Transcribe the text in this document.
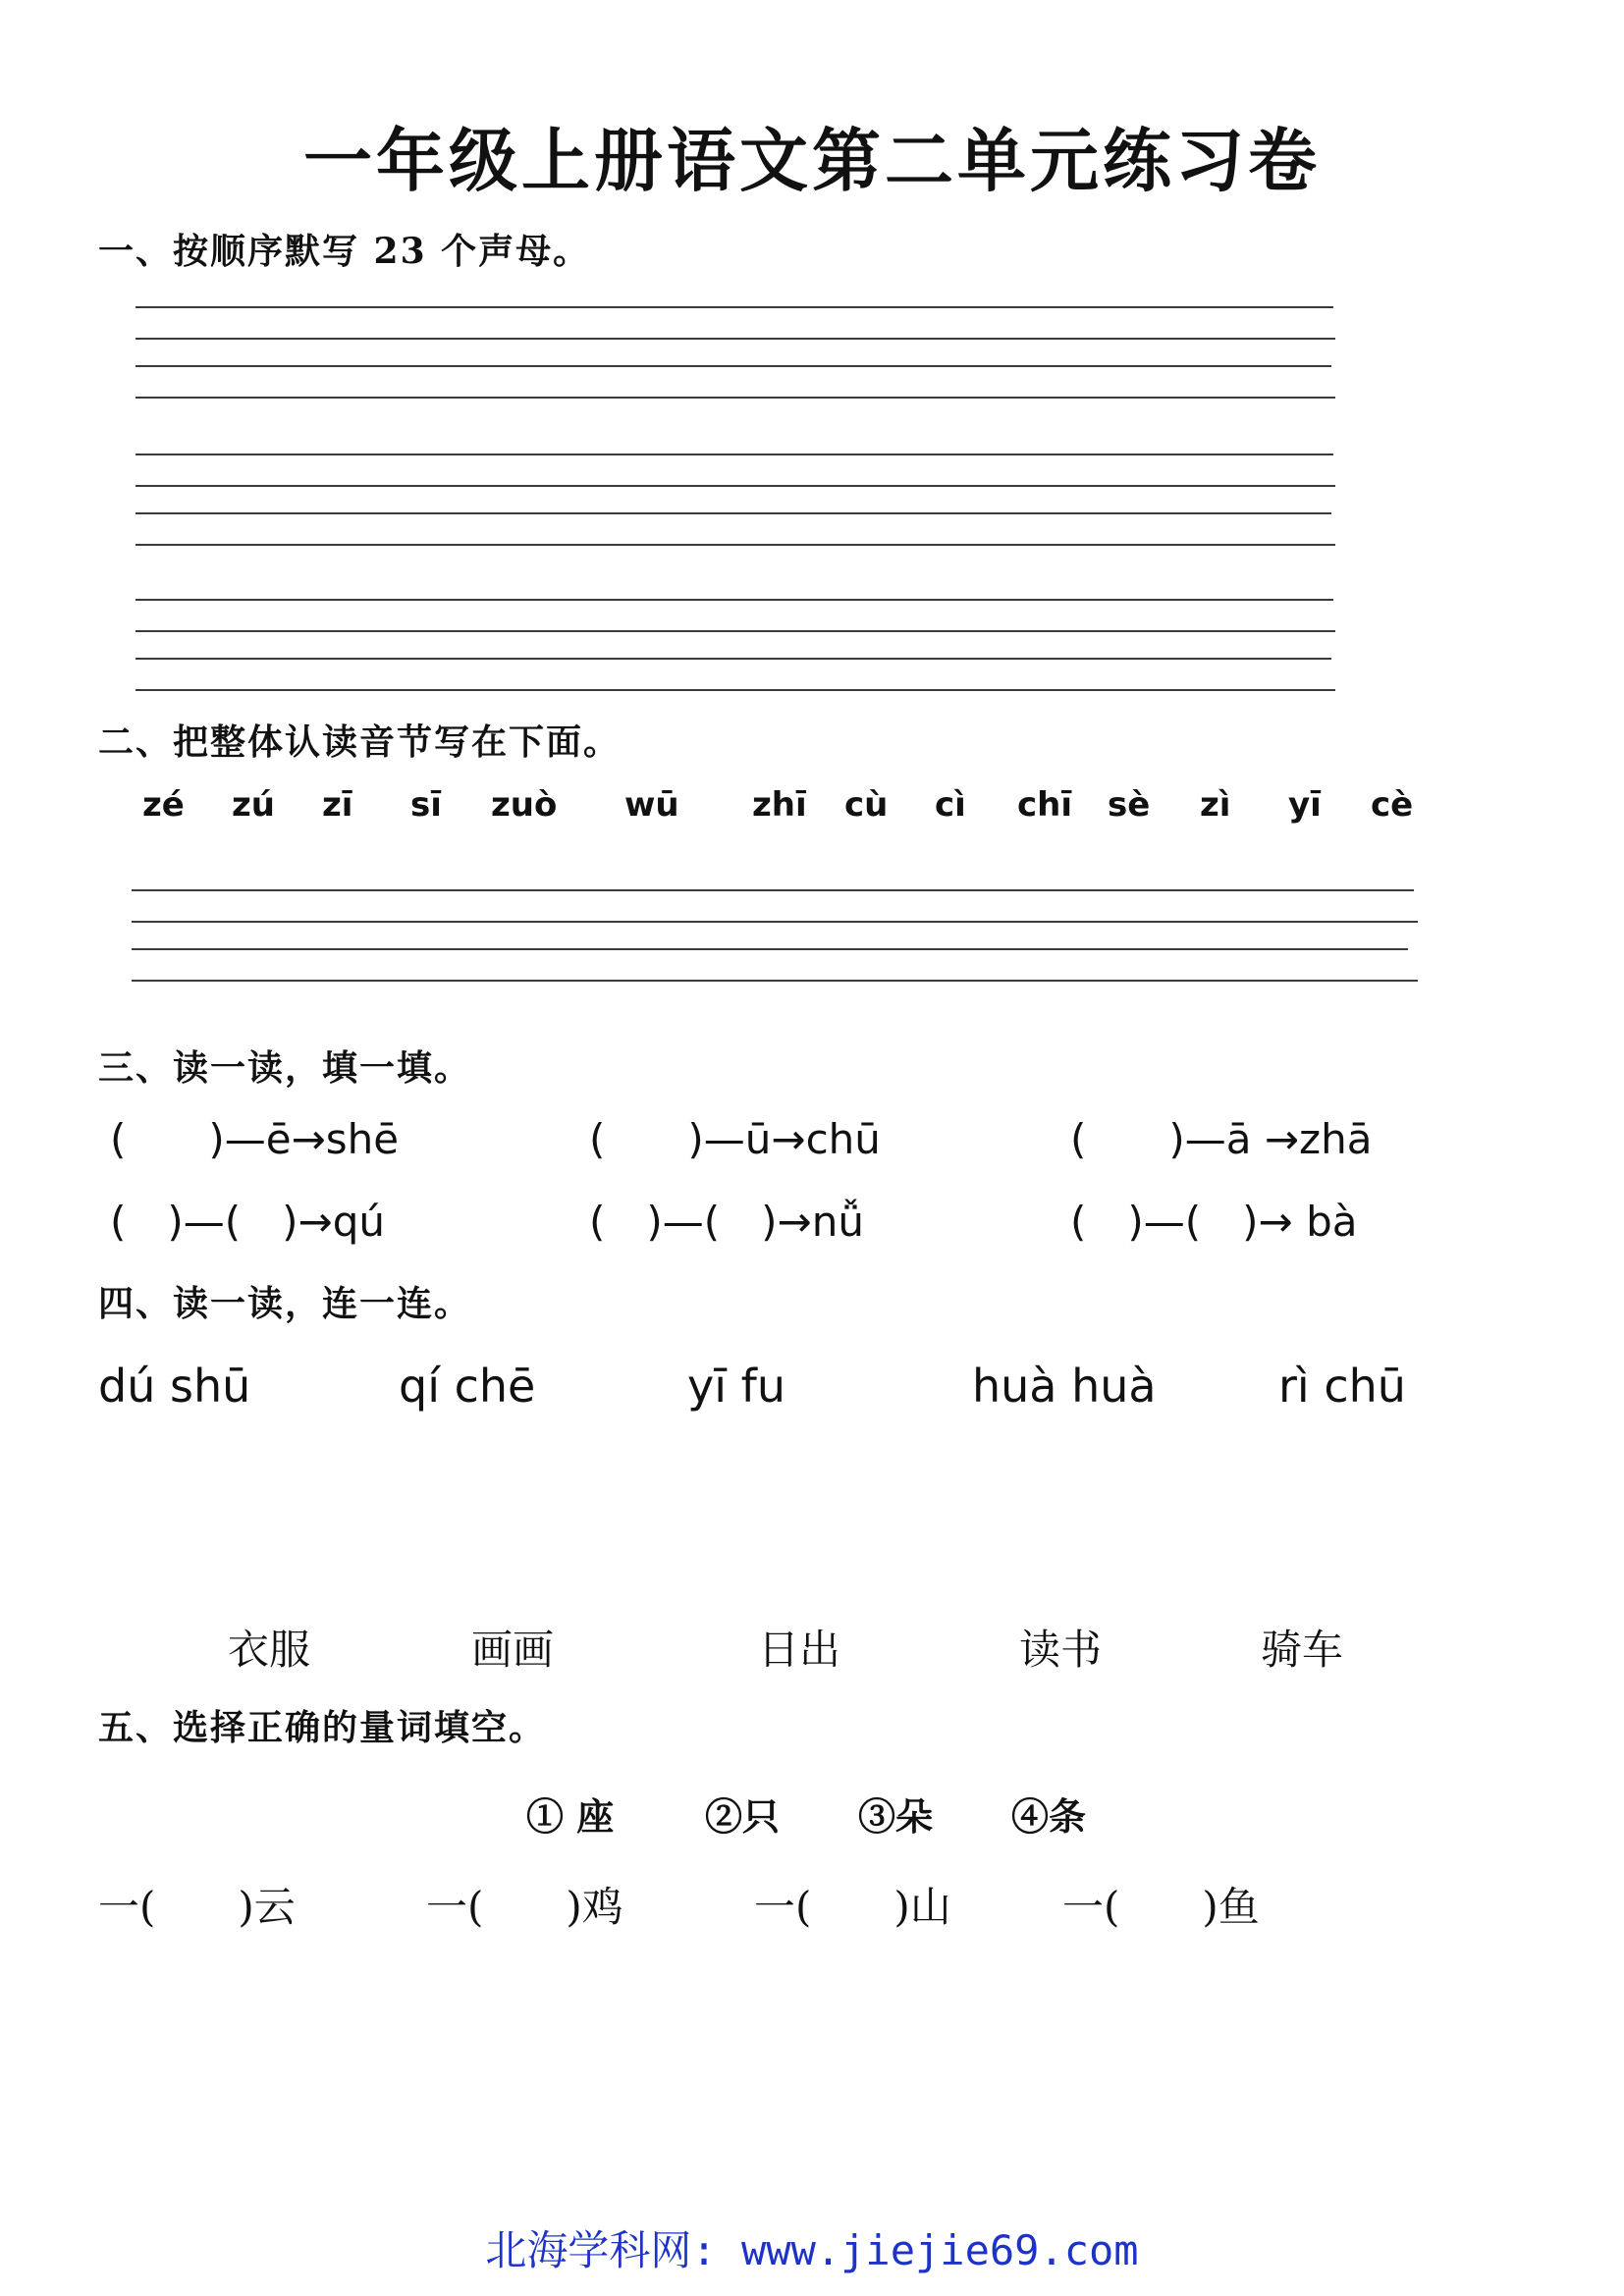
一年级上册语文第二单元练习卷
一、按顺序默写 23 个声母。
二、把整体认读音节写在下面。
zé zú zī sī zuò wū zhī cù cì chī sè zì yī cè
三、读一读，填一填。
(　　)—ē→shē	(　　)—ū→chū	(　　)—ā →zhā
(　)—(　)→qú	(　)—(　)→nǚ	(　)—(　)→ bà
四、读一读，连一连。
dú shū	qí chē	yī fu	huà huà	rì chū
衣服	画画	日出	读书	骑车
五、选择正确的量词填空。
① 座 ②只 ③朵 ④条
一(　　)云	一(　　)鸡	一(　　)山	一(　　)鱼
北海学科网: www.jiejie69.com
